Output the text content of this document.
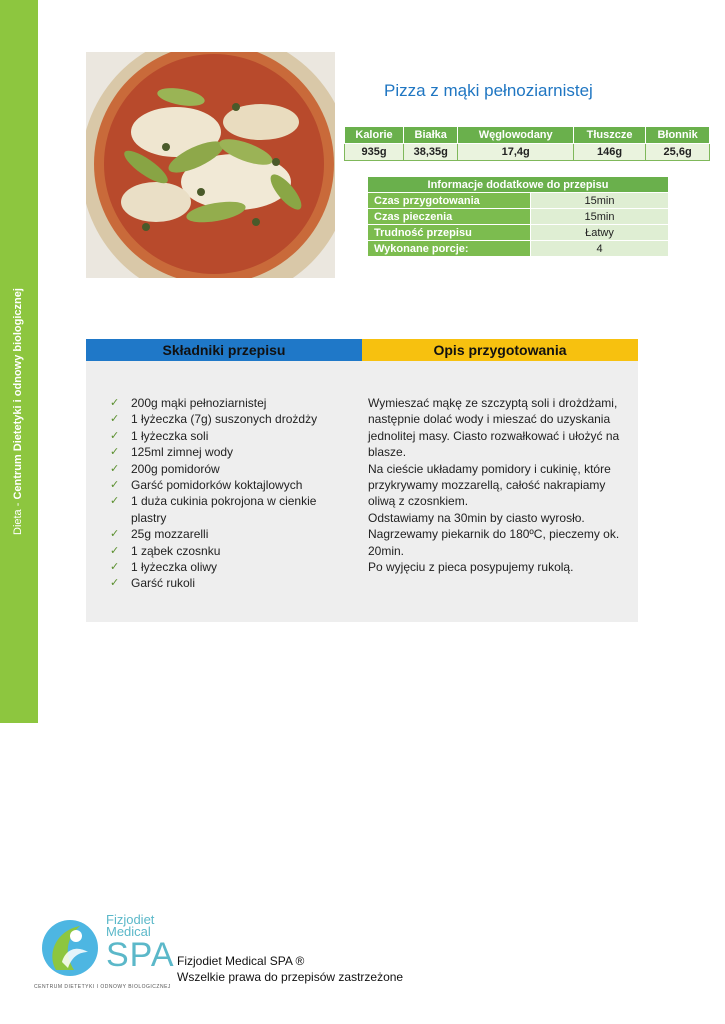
Dieta - Centrum Dietetyki i odnowy biologicznej
Pizza z mąki pełnoziarnistej
Kalorie	Białka	Węglowodany	Tłuszcze	Błonnik
935g	38,35g	17,4g	146g	25,6g
Informacje dodatkowe do przepisu	
Czas przygotowania	15min
Czas pieczenia	15min
Trudność przepisu	Łatwy
Wykonane porcje:	4
Składniki przepisu	Opis przygotowania
✓ 200g mąki pełnoziarnistej
✓ 1 łyżeczka (7g) suszonych drożdży
✓ 1 łyżeczka soli
✓ 125ml zimnej wody
✓ 200g pomidorów
✓ Garść pomidorków koktajlowych
✓ 1 duża cukinia pokrojona w cienkie plastry
✓ 25g mozzarelli
✓ 1 ząbek czosnku
✓ 1 łyżeczka oliwy
✓ Garść rukoli

Wymieszać mąkę ze szczyptą soli i drożdżami, następnie dolać wody i mieszać do uzyskania jednolitej masy. Ciasto rozwałkować i ułożyć na blasze.

Na cieście układamy pomidory i cukinię, które przykrywamy mozzarellą, całość nakrapiamy oliwą z czosnkiem.

Odstawiamy na 30min by ciasto wyrosło.

Nagrzewamy piekarnik do 180ºC, pieczemy ok. 20min.

Po wyjęciu z pieca posypujemy rukolą.

Fizjodiet
Medical
SPA
CENTRUM DIETETYKI I ODNOWY BIOLOGICZNEJ
Fizjodiet Medical SPA ®
Wszelkie prawa do przepisów zastrzeżone
